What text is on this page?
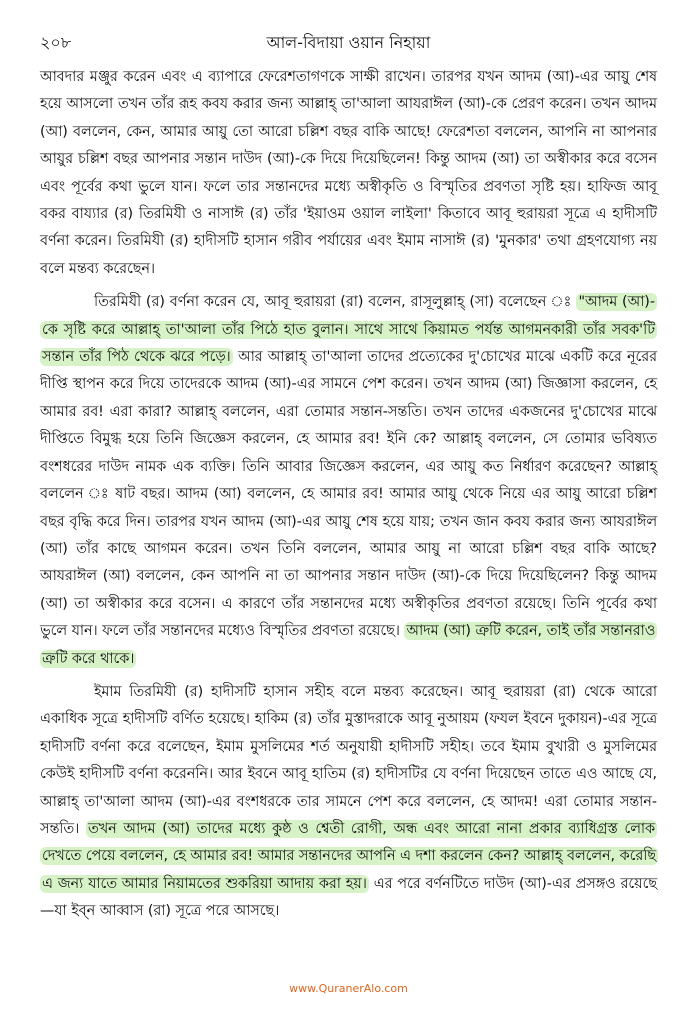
২০৮	আল-বিদায়া ওয়ান নিহায়া

আবদার মঞ্জুর করেন এবং এ ব্যাপারে ফেরেশতাগণকে সাক্ষী রাখেন। তারপর যখন আদম (আ)-এর আয়ু শেষ হয়ে আসলো তখন তাঁর রূহ কবয করার জন্য আল্লাহ্ তা'আলা আযরাঈল (আ)-কে প্রেরণ করেন। তখন আদম (আ) বললেন, কেন, আমার আয়ু তো আরো চল্লিশ বছর বাকি আছে! ফেরেশতা বললেন, আপনি না আপনার আয়ুর চল্লিশ বছর আপনার সন্তান দাউদ (আ)-কে দিয়ে দিয়েছিলেন! কিন্তু আদম (আ) তা অস্বীকার করে বসেন এবং পূর্বের কথা ভুলে যান। ফলে তার সন্তানদের মধ্যে অস্বীকৃতি ও বিস্মৃতির প্রবণতা সৃষ্টি হয়। হাফিজ আবূ বকর বায্যার (র) তিরমিযী ও নাসাঈ (র) তাঁর 'ইয়াওম ওয়াল লাইলা' কিতাবে আবূ হুরায়রা সূত্রে এ হাদীসটি বর্ণনা করেন। তিরমিযী (র) হাদীসটি হাসান গরীব পর্যায়ের এবং ইমাম নাসাঈ (র) 'মুনকার' তথা গ্রহণযোগ্য নয় বলে মন্তব্য করেছেন।

তিরমিযী (র) বর্ণনা করেন যে, আবূ হুরায়রা (রা) বলেন, রাসূলুল্লাহ্ (সা) বলেছেন ঃ "আদম (আ)-কে সৃষ্টি করে আল্লাহ্ তা'আলা তাঁর পিঠে হাত বুলান। সাথে সাথে কিয়ামত পর্যন্ত আগমনকারী তাঁর সবক'টি সন্তান তাঁর পিঠ থেকে ঝরে পড়ে। আর আল্লাহ্ তা'আলা তাদের প্রত্যেকের দু'চোখের মাঝে একটি করে নূরের দীপ্তি স্থাপন করে দিয়ে তাদেরকে আদম (আ)-এর সামনে পেশ করেন। তখন আদম (আ) জিজ্ঞাসা করলেন, হে আমার রব! এরা কারা? আল্লাহ্ বললেন, এরা তোমার সন্তান-সন্ততি। তখন তাদের একজনের দু'চোখের মাঝে দীপ্তিতে বিমুগ্ধ হয়ে তিনি জিজ্ঞেস করলেন, হে আমার রব! ইনি কে? আল্লাহ্ বললেন, সে তোমার ভবিষ্যত বংশধরের দাউদ নামক এক ব্যক্তি। তিনি আবার জিজ্ঞেস করলেন, এর আয়ু কত নির্ধারণ করেছেন? আল্লাহ্ বললেন ঃ ষাট বছর। আদম (আ) বললেন, হে আমার রব! আমার আয়ু থেকে নিয়ে এর আয়ু আরো চল্লিশ বছর বৃদ্ধি করে দিন। তারপর যখন আদম (আ)-এর আয়ু শেষ হয়ে যায়; তখন জান কবয করার জন্য আযরাঈল (আ) তাঁর কাছে আগমন করেন। তখন তিনি বললেন, আমার আয়ু না আরো চল্লিশ বছর বাকি আছে? আযরাঈল (আ) বললেন, কেন আপনি না তা আপনার সন্তান দাউদ (আ)-কে দিয়ে দিয়েছিলেন? কিন্তু আদম (আ) তা অস্বীকার করে বসেন। এ কারণে তাঁর সন্তানদের মধ্যে অস্বীকৃতির প্রবণতা রয়েছে। তিনি পূর্বের কথা ভুলে যান। ফলে তাঁর সন্তানদের মধ্যেও বিস্মৃতির প্রবণতা রয়েছে। আদম (আ) ত্রুটি করেন, তাই তাঁর সন্তানরাও ত্রুটি করে থাকে।

ইমাম তিরমিযী (র) হাদীসটি হাসান সহীহ বলে মন্তব্য করেছেন। আবূ হুরায়রা (রা) থেকে আরো একাধিক সূত্রে হাদীসটি বর্ণিত হয়েছে। হাকিম (র) তাঁর মুস্তাদরাকে আবূ নুআয়ম (ফযল ইবনে দুকায়ন)-এর সূত্রে হাদীসটি বর্ণনা করে বলেছেন, ইমাম মুসলিমের শর্ত অনুযায়ী হাদীসটি সহীহ। তবে ইমাম বুখারী ও মুসলিমের কেউই হাদীসটি বর্ণনা করেননি। আর ইবনে আবূ হাতিম (র) হাদীসটির যে বর্ণনা দিয়েছেন তাতে এও আছে যে, আল্লাহ্ তা'আলা আদম (আ)-এর বংশধরকে তার সামনে পেশ করে বললেন, হে আদম! এরা তোমার সন্তান-সন্ততি। তখন আদম (আ) তাদের মধ্যে কুষ্ঠ ও শ্বেতী রোগী, অন্ধ এবং আরো নানা প্রকার ব্যাধিগ্রস্ত লোক দেখতে পেয়ে বললেন, হে আমার রব! আমার সন্তানদের আপনি এ দশা করলেন কেন? আল্লাহ্ বললেন, করেছি এ জন্য যাতে আমার নিয়ামতের শুকরিয়া আদায় করা হয়। এর পরে বর্ণনটিতে দাউদ (আ)-এর প্রসঙ্গও রয়েছে—যা ইব্ন আব্বাস (রা) সূত্রে পরে আসছে।

www.QuranerAlo.com
